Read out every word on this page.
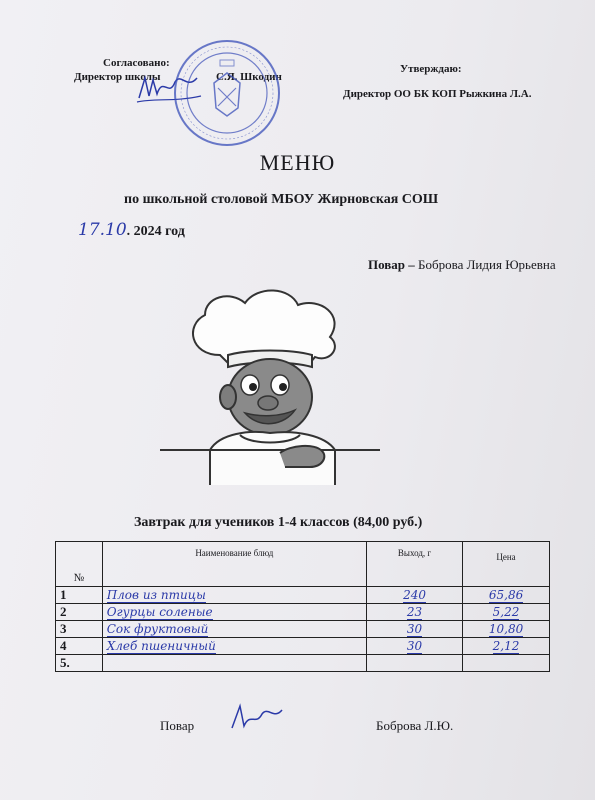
Согласовано:
Директор школы	С.Я. Шкодин
Утверждаю:
Директор ОО БК КОП Рыжкина Л.А.
МЕНЮ
по школьной столовой МБОУ Жирновская СОШ
17.10. 2024 год
Повар – Боброва Лидия Юрьевна
Завтрак для учеников 1-4 классов (84,00 руб.)
№	Наименование блюд	Выход, г	Цена
1	Плов из птицы	240	65,86
2	Огурцы соленые	23	5,22
3	Сок фруктовый	30	10,80
4	Хлеб пшеничный	30	2,12
5.			
Повар	Боброва Л.Ю.
